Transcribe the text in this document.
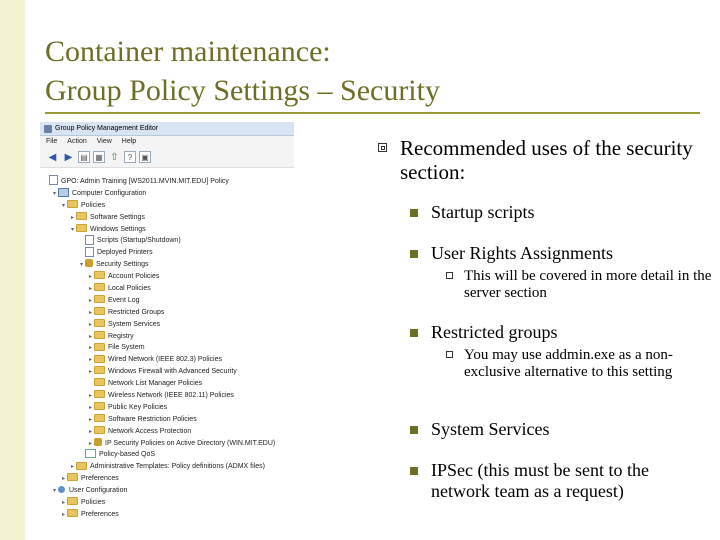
Container maintenance:
Group Policy Settings – Security
Group Policy Management Editor
File Action View Help
◀ ▶ ▤ ▦ ⇧	?	▣
GPO: Admin Training [WS2011.MVIN.MIT.EDU] Policy
▾ Computer Configuration
▾ Policies
▸ Software Settings
▾ Windows Settings
Scripts (Startup/Shutdown)
Deployed Printers
▾ Security Settings
▸ Account Policies
▸ Local Policies
▸ Event Log
▸ Restricted Groups
▸ System Services
▸ Registry
▸ File System
▸ Wired Network (IEEE 802.3) Policies
▸ Windows Firewall with Advanced Security
Network List Manager Policies
▸ Wireless Network (IEEE 802.11) Policies
▸ Public Key Policies
▸ Software Restriction Policies
▸ Network Access Protection
▸ IP Security Policies on Active Directory (WIN.MIT.EDU)
Policy-based QoS
▸ Administrative Templates: Policy definitions (ADMX files)
▸ Preferences
▾ User Configuration
▸ Policies
▸ Preferences
Recommended uses of the security section:
Startup scripts
User Rights Assignments
This will be covered in more detail in the server section
Restricted groups
You may use addmin.exe as a non-exclusive alternative to this setting
System Services
IPSec (this must be sent to the network team as a request)
